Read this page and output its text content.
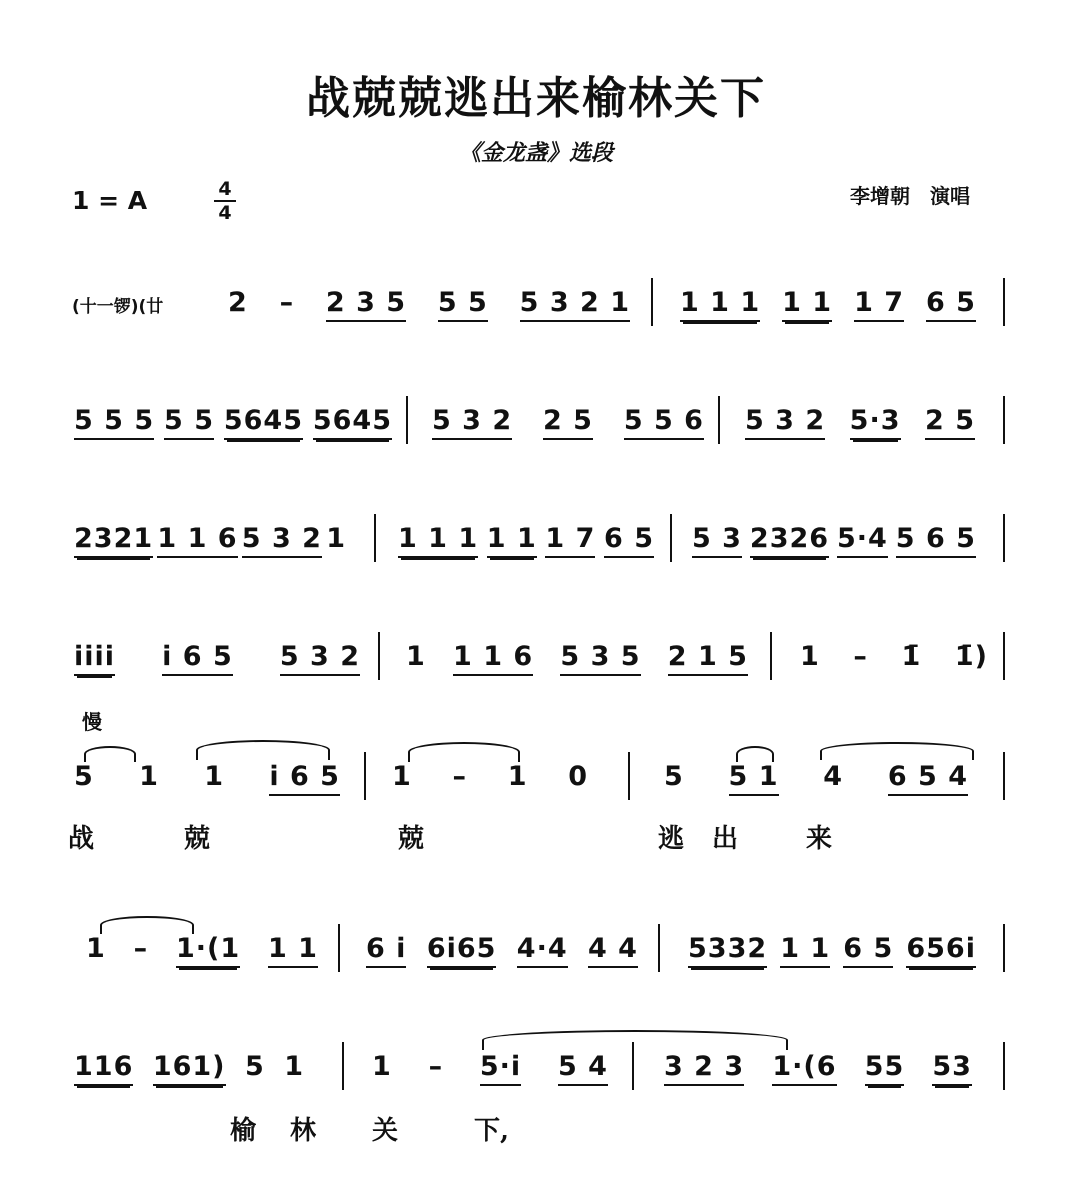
战兢兢逃出来榆林关下
《金龙盏》选段
1 = A	4
4
李增朝　演唱
(十一锣)(廿 2 – 2 3 5 5 5 5 3 2 1 1 1 1 1 1 1 7 6 5
5 5 5 5 5 5645 5645 5 3 2 2 5 5 5 6 5 3 2 5·3 2 5
2321 1 1 6 5 3 2 1 1 1 1 1 1 1 7 6 5 5 3 2326 5·4 5 6 5
i̇i̇i̇i̇ i̇ 6 5 5 3 2 1 1 1 6 5 3 5 2 1 5 1 – 1̄ 1̄)
慢
5 1 1 i̇ 6 5 1 – 1 0	5 5 1 4 6 5 4
战	兢	兢	逃出 来
1 – 1·(1 1 1 6 i̇ 6i̇65 4·4 4 4 5332 1 1 6 5 656i̇
116 161) 5 1	1 – 5·i̇ 5 4 3 2 3 1·(6 55 53
榆 林 关	下,
